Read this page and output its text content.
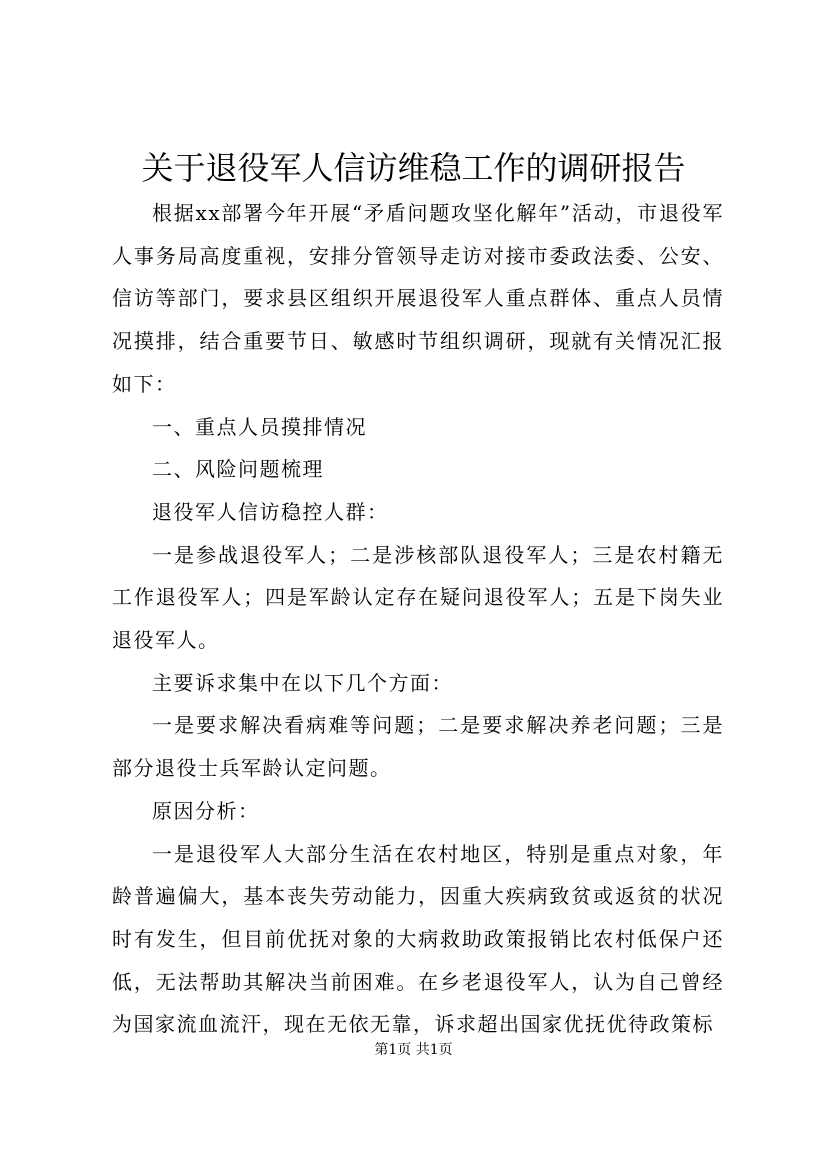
关于退役军人信访维稳工作的调研报告

根据xx部署今年开展“矛盾问题攻坚化解年”活动，市退役军人事务局高度重视，安排分管领导走访对接市委政法委、公安、信访等部门，要求县区组织开展退役军人重点群体、重点人员情况摸排，结合重要节日、敏感时节组织调研，现就有关情况汇报如下：

一、重点人员摸排情况

二、风险问题梳理

退役军人信访稳控人群：

一是参战退役军人；二是涉核部队退役军人；三是农村籍无工作退役军人；四是军龄认定存在疑问退役军人；五是下岗失业退役军人。

主要诉求集中在以下几个方面：

一是要求解决看病难等问题；二是要求解决养老问题；三是部分退役士兵军龄认定问题。

原因分析：

一是退役军人大部分生活在农村地区，特别是重点对象，年龄普遍偏大，基本丧失劳动能力，因重大疾病致贫或返贫的状况时有发生，但目前优抚对象的大病救助政策报销比农村低保户还低，无法帮助其解决当前困难。在乡老退役军人，认为自己曾经为国家流血流汗，现在无依无靠，诉求超出国家优抚优待政策标

第1页 共1页
